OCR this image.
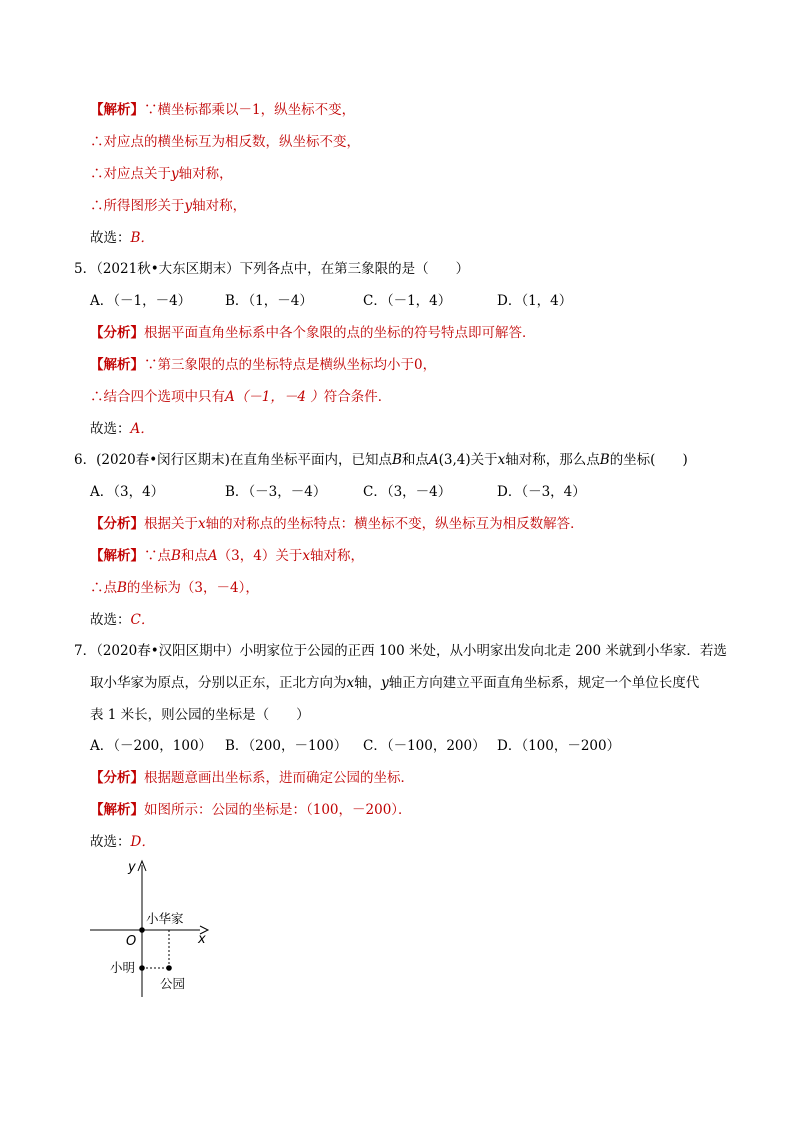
【解析】∵横坐标都乘以－1，纵坐标不变，
∴对应点的横坐标互为相反数，纵坐标不变，
∴对应点关于y轴对称，
∴所得图形关于y轴对称，
故选：B．
5．（2021秋•大东区期末）下列各点中，在第三象限的是（　　）
A．（－1，－4）	B．（1，－4）	C．（－1，4）	D．（1，4）
【分析】根据平面直角坐标系中各个象限的点的坐标的符号特点即可解答．
【解析】∵第三象限的点的坐标特点是横纵坐标均小于0，
∴结合四个选项中只有A（－1，－4 ）符合条件．
故选：A．
6．(2020春•闵行区期末)在直角坐标平面内，已知点B和点A(3,4)关于x轴对称，那么点B的坐标(　　)
A．（3，4）	B．（－3，－4）	C．（3，－4）	D．（－3，4）
【分析】根据关于x轴的对称点的坐标特点：横坐标不变，纵坐标互为相反数解答．
【解析】∵点B和点A（3，4）关于x轴对称，
∴点B的坐标为（3，－4），
故选：C．
7．（2020春•汉阳区期中）小明家位于公园的正西 100 米处，从小明家出发向北走 200 米就到小华家．若选
取小华家为原点，分别以正东，正北方向为x轴，y轴正方向建立平面直角坐标系，规定一个单位长度代
表 1 米长，则公园的坐标是（　　）
A．（－200，100） B．（200，－100） C．（－100，200） D．（100，－200）
【分析】根据题意画出坐标系，进而确定公园的坐标．
【解析】如图所示：公园的坐标是：（100，－200）．
故选：D．
y
x
O
小华家
小明
公园
